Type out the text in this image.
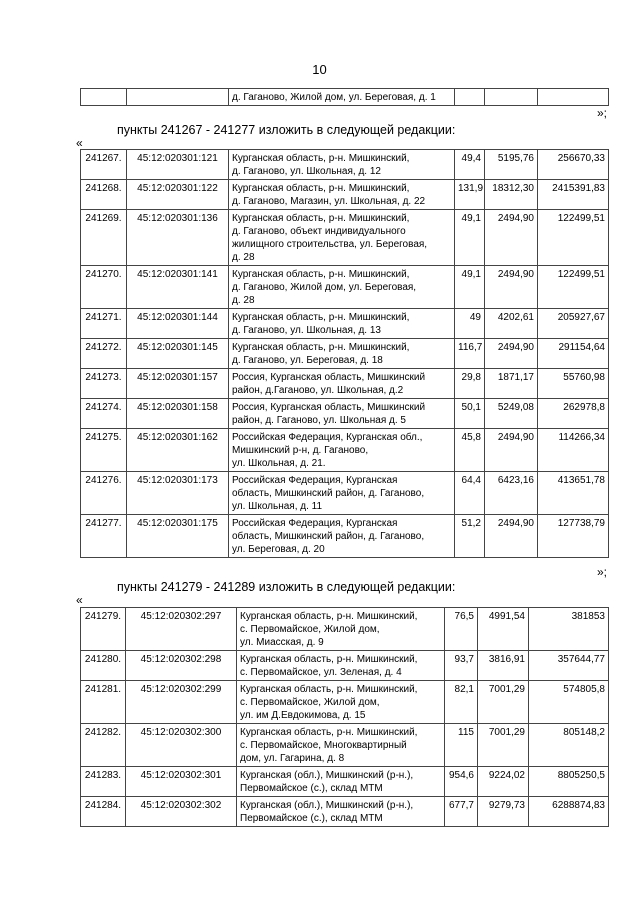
10
		д. Гаганово, Жилой дом, ул. Береговая, д. 1			
»;
пункты 241267 - 241277 изложить в следующей редакции:
«
241267.	45:12:020301:121	Курганская область, р-н. Мишкинский,
д. Гаганово, ул. Школьная, д. 12	49,4	5195,76	256670,33
241268.	45:12:020301:122	Курганская область, р-н. Мишкинский,
д. Гаганово, Магазин, ул. Школьная, д. 22	131,9	18312,30	2415391,83
241269.	45:12:020301:136	Курганская область, р-н. Мишкинский,
д. Гаганово, объект индивидуального
жилищного строительства, ул. Береговая,
д. 28	49,1	2494,90	122499,51
241270.	45:12:020301:141	Курганская область, р-н. Мишкинский,
д. Гаганово, Жилой дом, ул. Береговая,
д. 28	49,1	2494,90	122499,51
241271.	45:12:020301:144	Курганская область, р-н. Мишкинский,
д. Гаганово, ул. Школьная, д. 13	49	4202,61	205927,67
241272.	45:12:020301:145	Курганская область, р-н. Мишкинский,
д. Гаганово, ул. Береговая, д. 18	116,7	2494,90	291154,64
241273.	45:12:020301:157	Россия, Курганская область, Мишкинский
район, д.Гаганово, ул. Школьная, д.2	29,8	1871,17	55760,98
241274.	45:12:020301:158	Россия, Курганская область, Мишкинский
район, д. Гаганово, ул. Школьная д. 5	50,1	5249,08	262978,8
241275.	45:12:020301:162	Российская Федерация, Курганская обл.,
Мишкинский р-н, д. Гаганово,
ул. Школьная, д. 21.	45,8	2494,90	114266,34
241276.	45:12:020301:173	Российская Федерация, Курганская
область, Мишкинский район, д. Гаганово,
ул. Школьная, д. 11	64,4	6423,16	413651,78
241277.	45:12:020301:175	Российская Федерация, Курганская
область, Мишкинский район, д. Гаганово,
ул. Береговая, д. 20	51,2	2494,90	127738,79
»;
пункты 241279 - 241289 изложить в следующей редакции:
«
241279.	45:12:020302:297	Курганская область, р-н. Мишкинский,
с. Первомайское, Жилой дом,
ул. Миасская, д. 9	76,5	4991,54	381853
241280.	45:12:020302:298	Курганская область, р-н. Мишкинский,
с. Первомайское, ул. Зеленая, д. 4	93,7	3816,91	357644,77
241281.	45:12:020302:299	Курганская область, р-н. Мишкинский,
с. Первомайское, Жилой дом,
ул. им Д.Евдокимова, д. 15	82,1	7001,29	574805,8
241282.	45:12:020302:300	Курганская область, р-н. Мишкинский,
с. Первомайское, Многоквартирный
дом, ул. Гагарина, д. 8	115	7001,29	805148,2
241283.	45:12:020302:301	Курганская (обл.), Мишкинский (р-н.),
Первомайское (с.), склад МТМ	954,6	9224,02	8805250,5
241284.	45:12:020302:302	Курганская (обл.), Мишкинский (р-н.),
Первомайское (с.), склад МТМ	677,7	9279,73	6288874,83
